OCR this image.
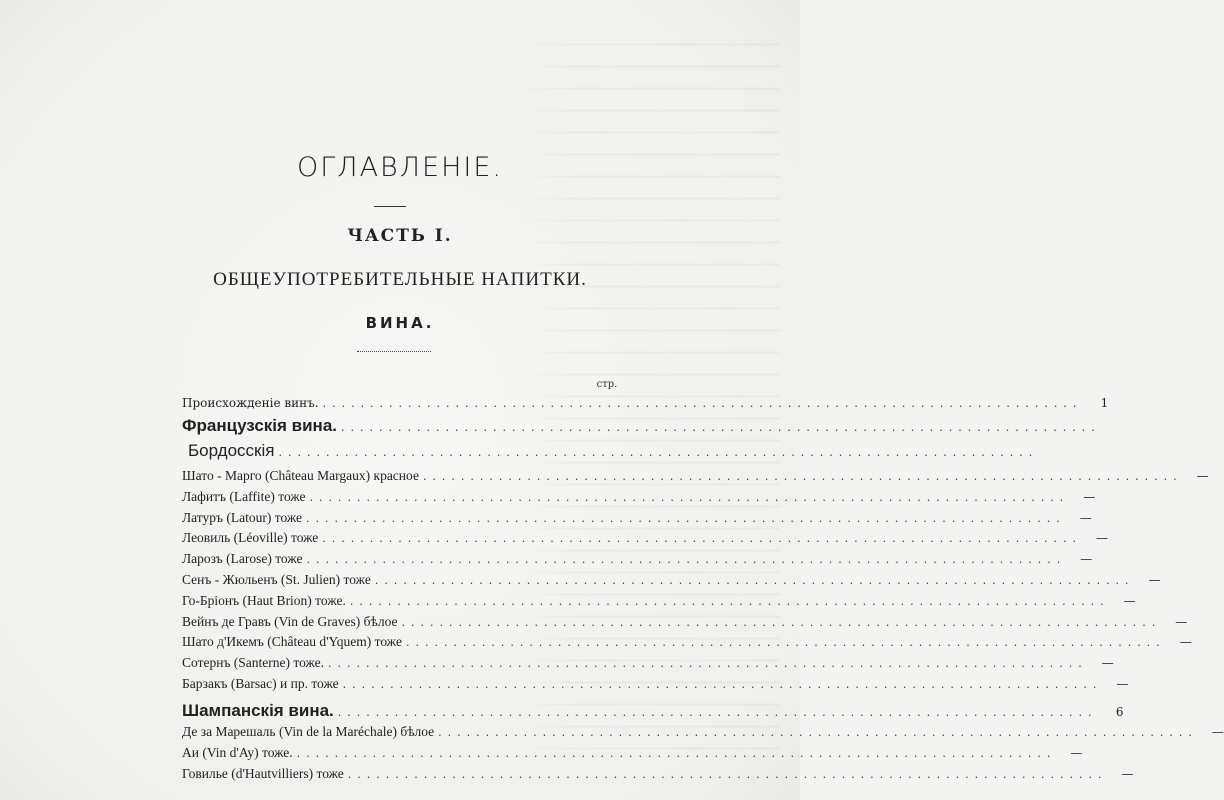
ОГЛАВЛЕНІЕ.
ЧАСТЬ I.
ОБЩЕУПОТРЕБИТЕЛЬНЫЕ НАПИТКИ.
ВИНА.
стр.
Происхожденіе винъ. ................................................................................	1
Французскія вина. ................................................................................
Бордосскія ................................................................................
Шато - Марго (Château Margaux) красное ................................................................................	—
Лафитъ (Laffite) тоже ................................................................................	—
Латуръ (Latour) тоже ................................................................................	—
Леовиль (Léoville) тоже ................................................................................	—
Ларозъ (Larose) тоже ................................................................................	—
Сенъ - Жюльенъ (St. Julien) тоже ................................................................................	—
Го-Бріонъ (Haut Brion) тоже. ................................................................................	—
Вейнъ де Гравъ (Vin de Graves) бѣлое ................................................................................	—
Шато д'Икемъ (Château d'Yquem) тоже ................................................................................	—
Сотернъ (Santerne) тоже. ................................................................................	—
Барзакъ (Barsac) и пр. тоже ................................................................................	—
Шампанскія вина. ................................................................................	6
Де за Марешаль (Vin de la Maréchale) бѣлое ................................................................................	—
Аи (Vin d'Ay) тоже. ................................................................................	—
Говилье (d'Hautvilliers) тоже ................................................................................	—
